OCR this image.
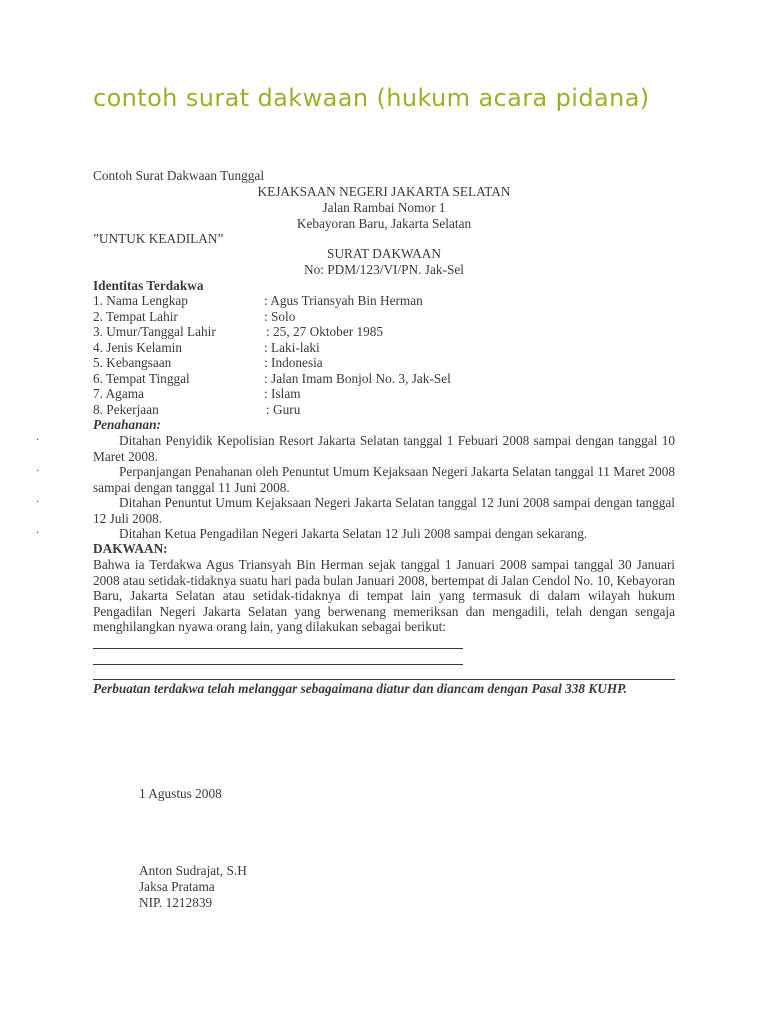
contoh surat dakwaan (hukum acara pidana)
Contoh Surat Dakwaan Tunggal
KEJAKSAAN NEGERI JAKARTA SELATAN
Jalan Rambai Nomor 1
Kebayoran Baru, Jakarta Selatan
”UNTUK KEADILAN”
SURAT DAKWAAN
No: PDM/123/VI/PN. Jak-Sel
Identitas Terdakwa
1. Nama Lengkap	: Agus Triansyah Bin Herman
2. Tempat Lahir	: Solo
3. Umur/Tanggal Lahir	: 25, 27 Oktober 1985
4. Jenis Kelamin	: Laki-laki
5. Kebangsaan	: Indonesia
6. Tempat Tinggal	: Jalan Imam Bonjol No. 3, Jak-Sel
7. Agama	: Islam
8. Pekerjaan	: Guru
Penahanan:
·	Ditahan Penyidik Kepolisian Resort Jakarta Selatan tanggal 1 Febuari 2008 sampai dengan tanggal 10 Maret 2008.
·	Perpanjangan Penahanan oleh Penuntut Umum Kejaksaan Negeri Jakarta Selatan tanggal 11 Maret 2008 sampai dengan tanggal 11 Juni 2008.
·	Ditahan Penuntut Umum Kejaksaan Negeri Jakarta Selatan tanggal 12 Juni 2008 sampai dengan tanggal 12 Juli 2008.
·	Ditahan Ketua Pengadilan Negeri Jakarta Selatan 12 Juli 2008 sampai dengan sekarang.
DAKWAAN:
Bahwa ia Terdakwa Agus Triansyah Bin Herman sejak tanggal 1 Januari 2008 sampai tanggal 30 Januari 2008 atau setidak-tidaknya suatu hari pada bulan Januari 2008, bertempat di Jalan Cendol No. 10, Kebayoran Baru, Jakarta Selatan atau setidak-tidaknya di tempat lain yang termasuk di dalam wilayah hukum Pengadilan Negeri Jakarta Selatan yang berwenang memeriksan dan mengadili, telah dengan sengaja menghilangkan nyawa orang lain, yang dilakukan sebagai berikut:
Perbuatan terdakwa telah melanggar sebagaimana diatur dan diancam dengan Pasal 338 KUHP.
1 Agustus 2008
Anton Sudrajat, S.H
Jaksa Pratama
NIP. 1212839
